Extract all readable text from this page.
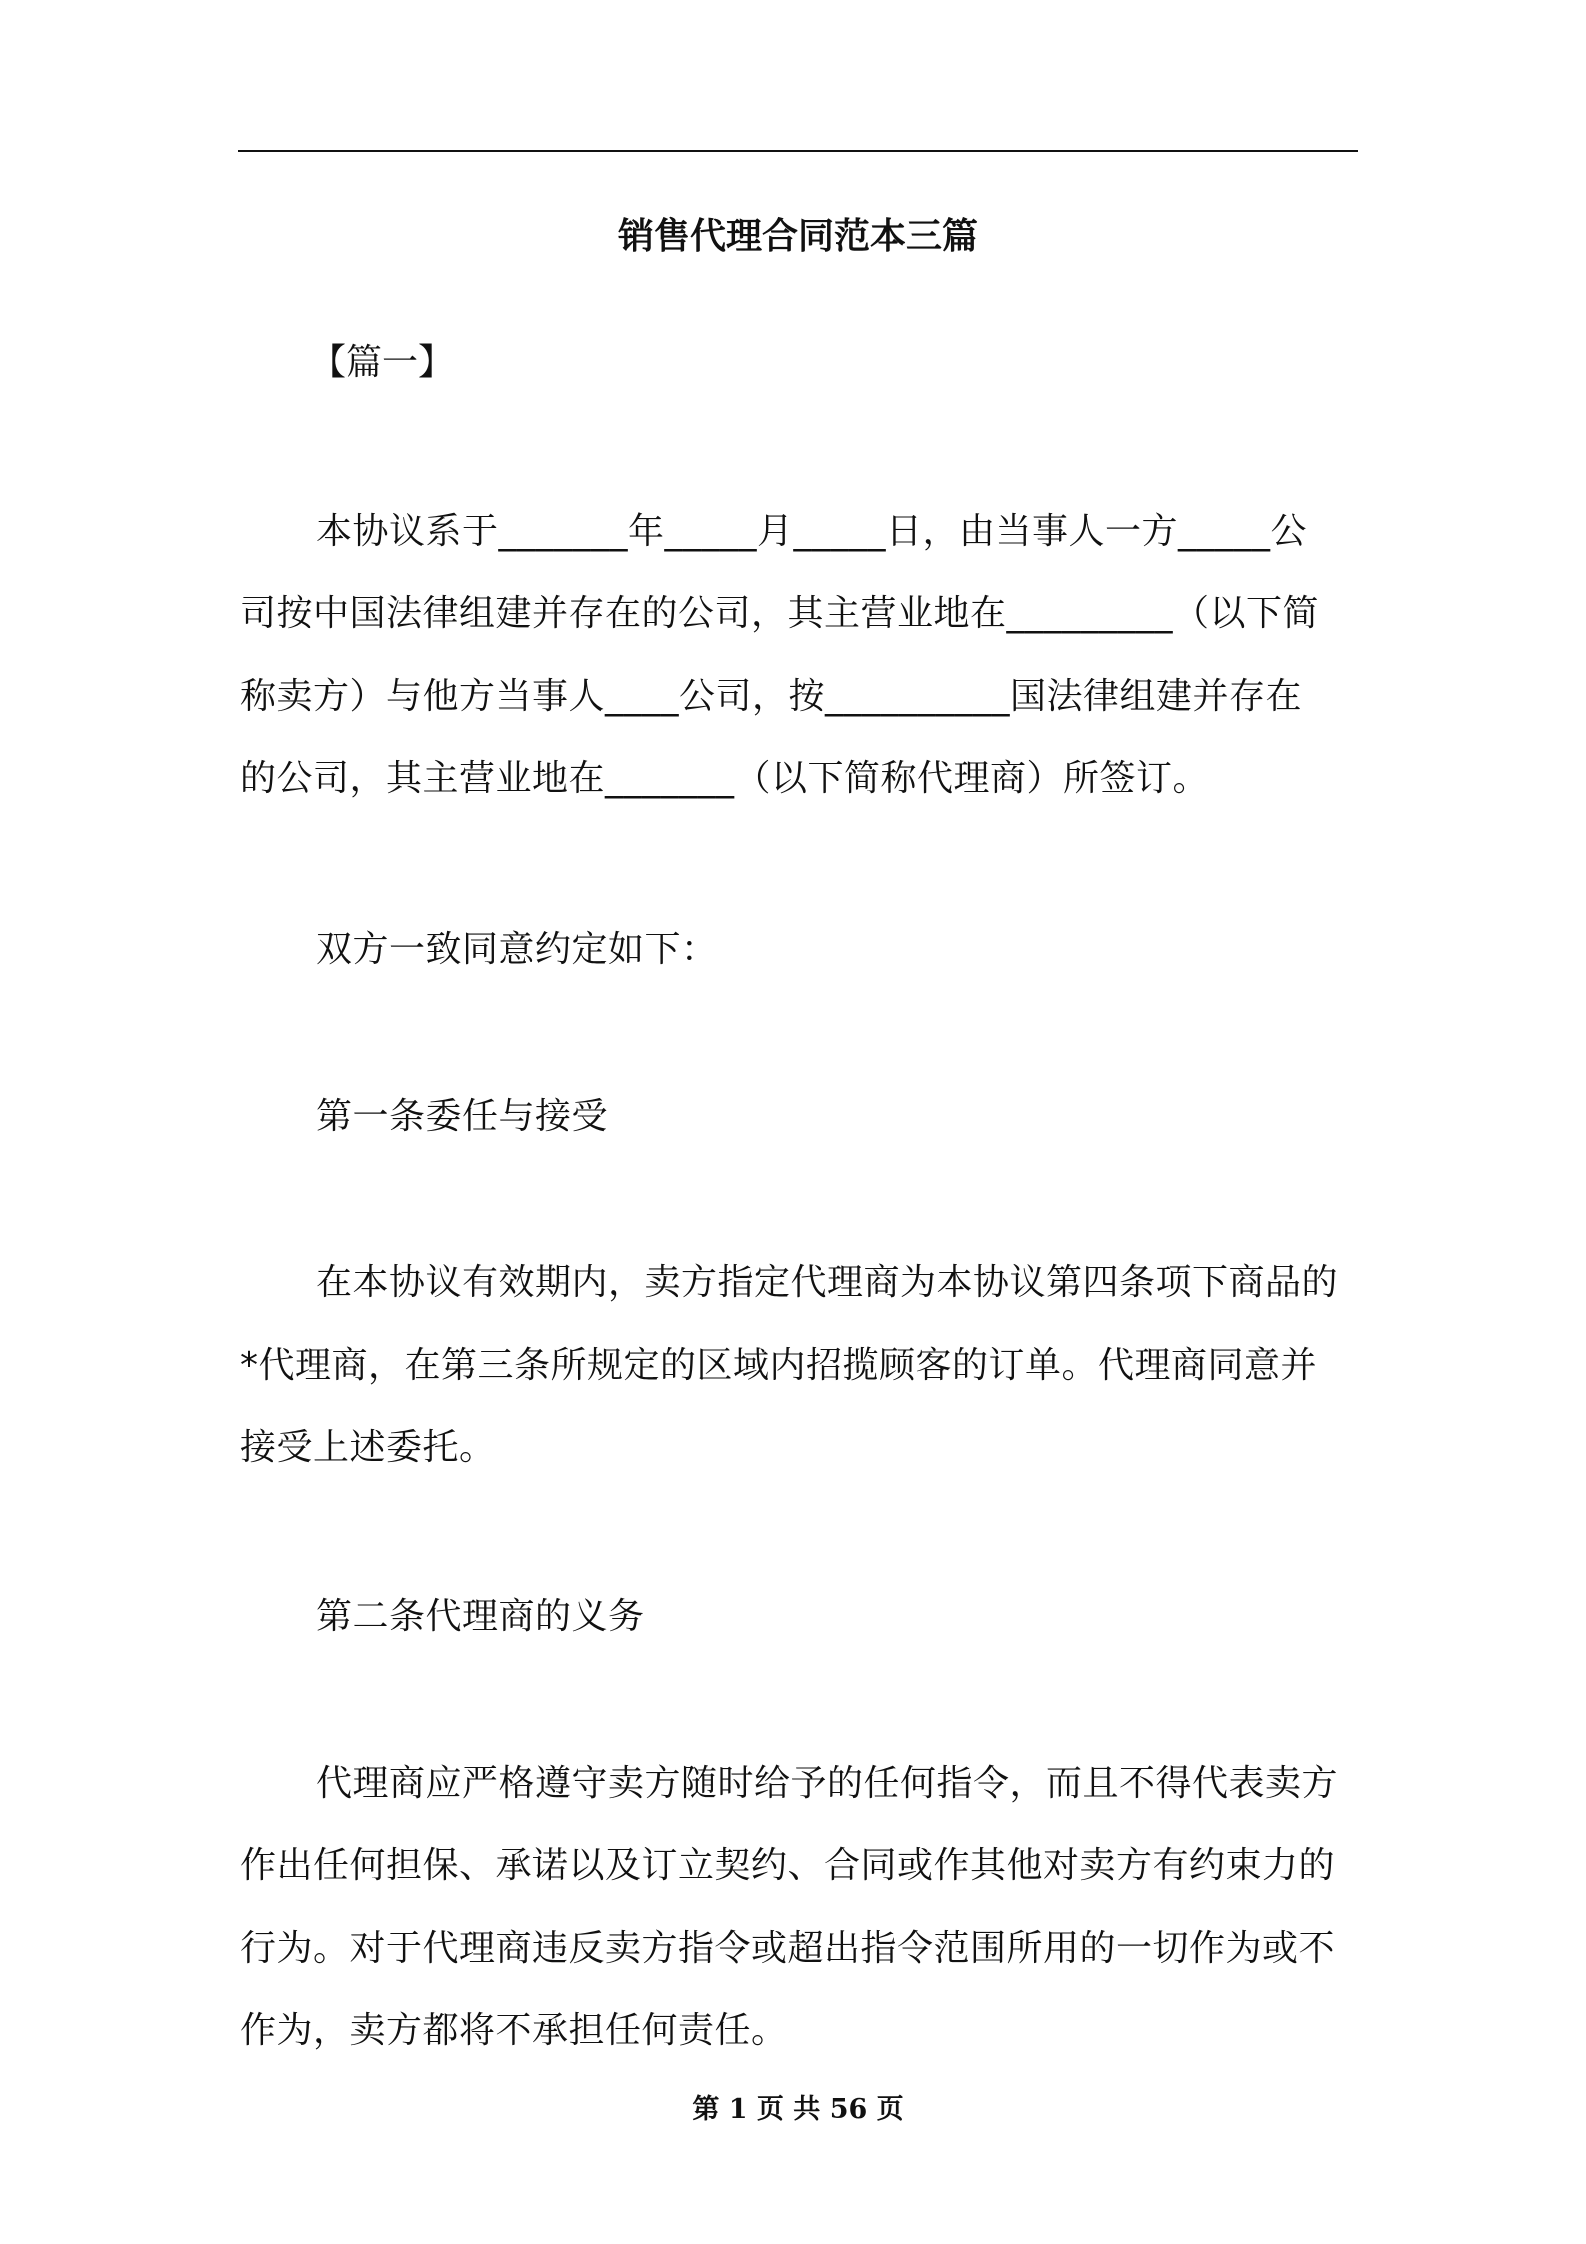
销售代理合同范本三篇
【篇一】
本协议系于_______年_____月_____日，由当事人一方_____公
司按中国法律组建并存在的公司，其主营业地在_________（以下简
称卖方）与他方当事人____公司，按__________国法律组建并存在
的公司，其主营业地在_______（以下简称代理商）所签订。
双方一致同意约定如下：
第一条委任与接受
在本协议有效期内，卖方指定代理商为本协议第四条项下商品的
*代理商，在第三条所规定的区域内招揽顾客的订单。代理商同意并
接受上述委托。
第二条代理商的义务
代理商应严格遵守卖方随时给予的任何指令，而且不得代表卖方
作出任何担保、承诺以及订立契约、合同或作其他对卖方有约束力的
行为。对于代理商违反卖方指令或超出指令范围所用的一切作为或不
作为，卖方都将不承担任何责任。
第 1 页 共 56 页
